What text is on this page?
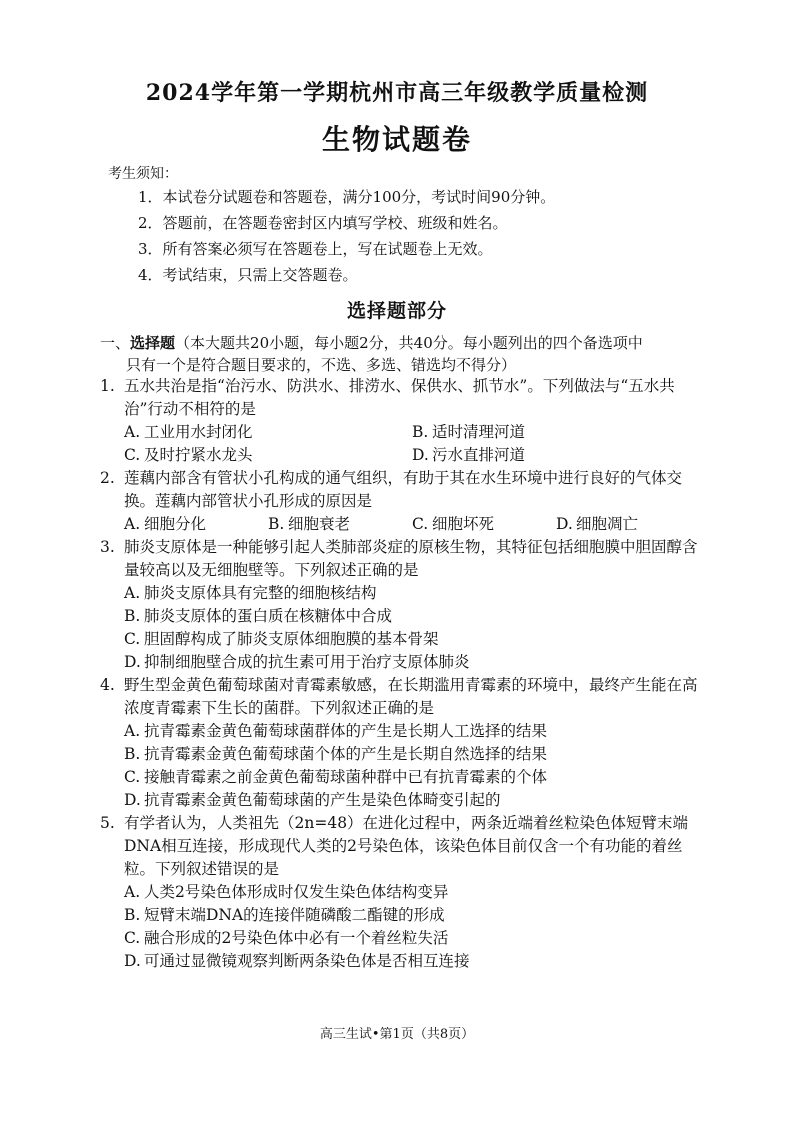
2024学年第一学期杭州市高三年级教学质量检测
生物试题卷
考生须知：
1．本试卷分试题卷和答题卷，满分100分，考试时间90分钟。
2．答题前，在答题卷密封区内填写学校、班级和姓名。
3．所有答案必须写在答题卷上，写在试题卷上无效。
4．考试结束，只需上交答题卷。
选择题部分
一、选择题（本大题共20小题，每小题2分，共40分。每小题列出的四个备选项中
只有一个是符合题目要求的，不选、多选、错选均不得分）
1. 五水共治是指“治污水、防洪水、排涝水、保供水、抓节水”。下列做法与“五水共治”行动不相符的是
A. 工业用水封闭化	B. 适时清理河道
C. 及时拧紧水龙头	D. 污水直排河道
2. 莲藕内部含有管状小孔构成的通气组织，有助于其在水生环境中进行良好的气体交换。莲藕内部管状小孔形成的原因是
A. 细胞分化	B. 细胞衰老	C. 细胞坏死	D. 细胞凋亡
3. 肺炎支原体是一种能够引起人类肺部炎症的原核生物，其特征包括细胞膜中胆固醇含量较高以及无细胞壁等。下列叙述正确的是
A. 肺炎支原体具有完整的细胞核结构
B. 肺炎支原体的蛋白质在核糖体中合成
C. 胆固醇构成了肺炎支原体细胞膜的基本骨架
D. 抑制细胞壁合成的抗生素可用于治疗支原体肺炎
4. 野生型金黄色葡萄球菌对青霉素敏感，在长期滥用青霉素的环境中，最终产生能在高浓度青霉素下生长的菌群。下列叙述正确的是
A. 抗青霉素金黄色葡萄球菌群体的产生是长期人工选择的结果
B. 抗青霉素金黄色葡萄球菌个体的产生是长期自然选择的结果
C. 接触青霉素之前金黄色葡萄球菌种群中已有抗青霉素的个体
D. 抗青霉素金黄色葡萄球菌的产生是染色体畸变引起的
5. 有学者认为，人类祖先（2n=48）在进化过程中，两条近端着丝粒染色体短臂末端DNA相互连接，形成现代人类的2号染色体，该染色体目前仅含一个有功能的着丝粒。下列叙述错误的是
A. 人类2号染色体形成时仅发生染色体结构变异
B. 短臂末端DNA的连接伴随磷酸二酯键的形成
C. 融合形成的2号染色体中必有一个着丝粒失活
D. 可通过显微镜观察判断两条染色体是否相互连接
高三生试•第1页（共8页）
